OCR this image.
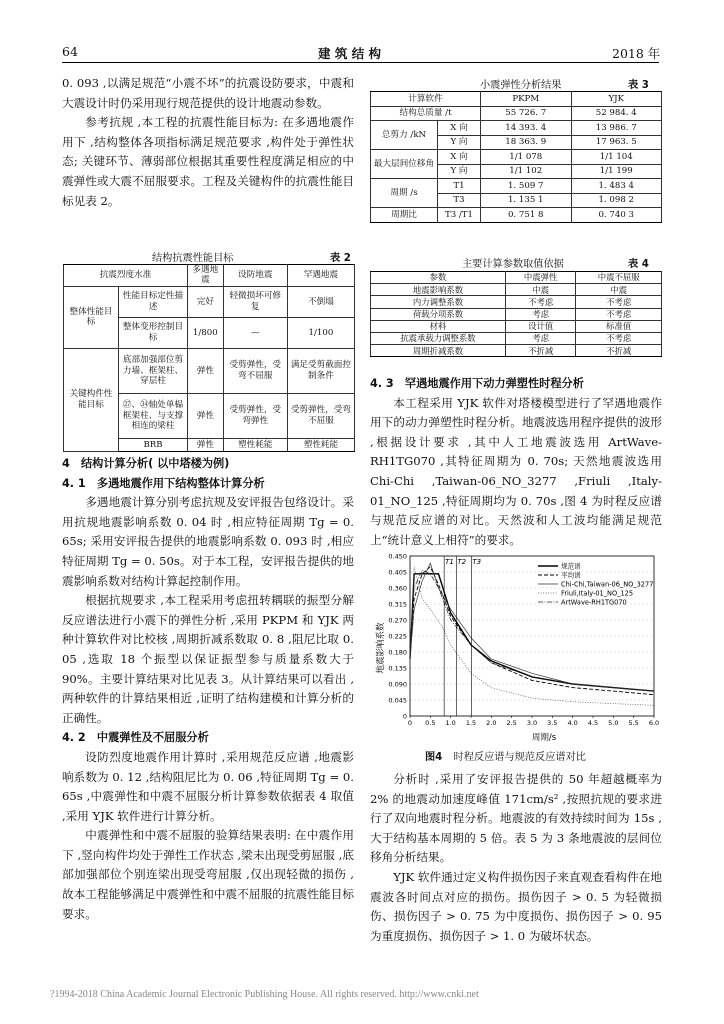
64	建 筑 结 构	2018 年

0. 093 ,以满足规范“小震不坏”的抗震设防要求，中震和大震设计时仍采用现行规范提供的设计地震动参数。

参考抗规 ,本工程的抗震性能目标为: 在多遇地震作用下 ,结构整体各项指标满足规范要求 ,构件处于弹性状态; 关键环节、薄弱部位根据其重要性程度满足相应的中震弹性或大震不屈服要求。工程及关键构件的抗震性能目标见表 2。

结构抗震性能目标	表 2
抗震烈度水准		多遇地震	设防地震	罕遇地震
整体性能目标	性能目标定性描述	完好	轻微损坏可修复	不倒塌
	整体变形控制目标	1/800	—	1/100
关键构件性能目标	底部加强部位剪力墙、框架柱、穿层柱	弹性	受剪弹性，受弯不屈服	满足受剪截面控制条件
	㉗、㉞轴处单榀框架柱、与支撑相连的梁柱	弹性	受剪弹性，受弯弹性	受剪弹性，受弯不屈服
	BRB	弹性	塑性耗能	塑性耗能

4　结构计算分析( 以中塔楼为例)

4. 1　多遇地震作用下结构整体计算分析

多遇地震计算分别考虑抗规及安评报告包络设计。采用抗规地震影响系数 0. 04 时 ,相应特征周期 Tg = 0. 65s; 采用安评报告提供的地震影响系数 0. 093 时 ,相应特征周期 Tg = 0. 50s。对于本工程，安评报告提供的地震影响系数对结构计算起控制作用。

根据抗规要求 ,本工程采用考虑扭转耦联的振型分解反应谱法进行小震下的弹性分析 ,采用 PKPM 和 YJK 两种计算软件对比校核 ,周期折减系数取 0. 8 ,阻尼比取 0. 05 ,选取 18 个振型以保证振型参与质量系数大于 90%。主要计算结果对比见表 3。从计算结果可以看出 ,两种软件的计算结果相近 ,证明了结构建模和计算分析的正确性。

4. 2　中震弹性及不屈服分析

设防烈度地震作用计算时 ,采用规范反应谱 ,地震影响系数为 0. 12 ,结构阻尼比为 0. 06 ,特征周期 Tg = 0. 65s ,中震弹性和中震不屈服分析计算参数依据表 4 取值 ,采用 YJK 软件进行计算分析。

中震弹性和中震不屈服的验算结果表明: 在中震作用下 ,竖向构件均处于弹性工作状态 ,梁未出现受剪屈服 ,底部加强部位个别连梁出现受弯屈服 ,仅出现轻微的损伤 ,故本工程能够满足中震弹性和中震不屈服的抗震性能目标要求。

小震弹性分析结果	表 3
计算软件		PKPM	YJK
结构总质量 /t		55 726. 7	52 984. 4
总剪力 /kN	X 向	14 393. 4	13 986. 7
	Y 向	18 363. 9	17 963. 5
最大层间位移角	X 向	1/1 078	1/1 104
	Y 向	1/1 102	1/1 199
周期 /s	T1	1. 509 7	1. 483 4
	T3	1. 135 1	1. 098 2
周期比	T3 /T1	0. 751 8	0. 740 3
主要计算参数取值依据	表 4
参数	中震弹性	中震不屈服
地震影响系数	中震	中震
内力调整系数	不考虑	不考虑
荷载分项系数	考虑	不考虑
材料	设计值	标准值
抗震承载力调整系数	考虑	不考虑
周期折减系数	不折减	不折减

4. 3　罕遇地震作用下动力弹塑性时程分析

本工程采用 YJK 软件对塔楼模型进行了罕遇地震作用下的动力弹塑性时程分析。地震波选用程序提供的波形 ,根据设计要求 ,其中人工地震波选用 ArtWave-RH1TG070 ,其特征周期为 0. 70s; 天然地震波选用 Chi-Chi ,Taiwan-06_NO_3277 ,Friuli ,Italy-01_NO_125 ,特征周期均为 0. 70s ,图 4 为时程反应谱与规范反应谱的对比。天然波和人工波均能满足规范上“统计意义上相符”的要求。

0
0.045
0.090
0.135
0.180
0.225
0.270
0.315
0.360
0.405
0.450
0 0.5 1.0 1.5 2.0 2.5 3.0 3.5 4.0 4.5 5.0 5.5 6.0
T1 T2 T3
规范谱
平均谱
Chi-Chi,Taiwan-06_NO_3277
Friuli,Italy-01_NO_125
ArtWave-RH1TG070
地震影响系数
周期/s
图4 时程反应谱与规范反应谱对比

分析时 ,采用了安评报告提供的 50 年超越概率为 2% 的地震动加速度峰值 171cm/s² ,按照抗规的要求进行了双向地震时程分析。地震波的有效持续时间为 15s ,大于结构基本周期的 5 倍。表 5 为 3 条地震波的层间位移角分析结果。

YJK 软件通过定义构件损伤因子来直观查看构件在地震波各时间点对应的损伤。损伤因子 > 0. 5 为轻微损伤、损伤因子 > 0. 75 为中度损伤、损伤因子 > 0. 95 为重度损伤、损伤因子 > 1. 0 为破坏状态。

?1994-2018 China Academic Journal Electronic Publishing House. All rights reserved. http://www.cnki.net
